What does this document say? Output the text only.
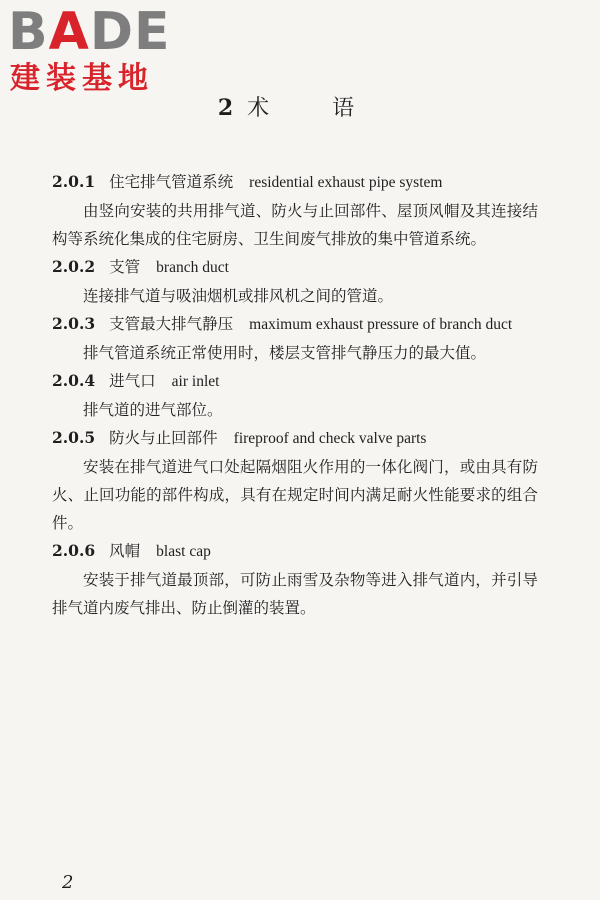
BADE
建装基地
2 术 语

2.0.1 住宅排气管道系统 residential exhaust pipe system

由竖向安装的共用排气道、防火与止回部件、屋顶风帽及其连接结构等系统化集成的住宅厨房、卫生间废气排放的集中管道系统。

2.0.2 支管 branch duct

连接排气道与吸油烟机或排风机之间的管道。

2.0.3 支管最大排气静压 maximum exhaust pressure of branch duct

排气管道系统正常使用时，楼层支管排气静压力的最大值。

2.0.4 进气口 air inlet

排气道的进气部位。

2.0.5 防火与止回部件 fireproof and check valve parts

安装在排气道进气口处起隔烟阻火作用的一体化阀门，或由具有防火、止回功能的部件构成，具有在规定时间内满足耐火性能要求的组合件。

2.0.6 风帽 blast cap

安装于排气道最顶部，可防止雨雪及杂物等进入排气道内，并引导排气道内废气排出、防止倒灌的装置。

2
